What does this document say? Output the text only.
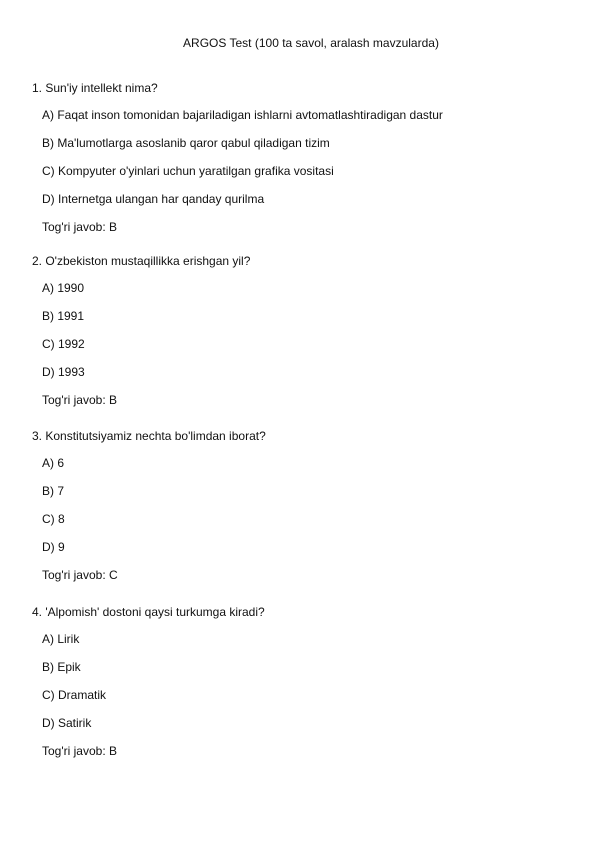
ARGOS Test (100 ta savol, aralash mavzularda)

1. Sun'iy intellekt nima?

A) Faqat inson tomonidan bajariladigan ishlarni avtomatlashtiradigan dastur
B) Ma'lumotlarga asoslanib qaror qabul qiladigan tizim
C) Kompyuter o'yinlari uchun yaratilgan grafika vositasi
D) Internetga ulangan har qanday qurilma
Tog'ri javob: B

2. O'zbekiston mustaqillikka erishgan yil?

A) 1990
B) 1991
C) 1992
D) 1993
Tog'ri javob: B

3. Konstitutsiyamiz nechta bo'limdan iborat?

A) 6
B) 7
C) 8
D) 9
Tog'ri javob: C

4. 'Alpomish' dostoni qaysi turkumga kiradi?

A) Lirik
B) Epik
C) Dramatik
D) Satirik
Tog'ri javob: B
